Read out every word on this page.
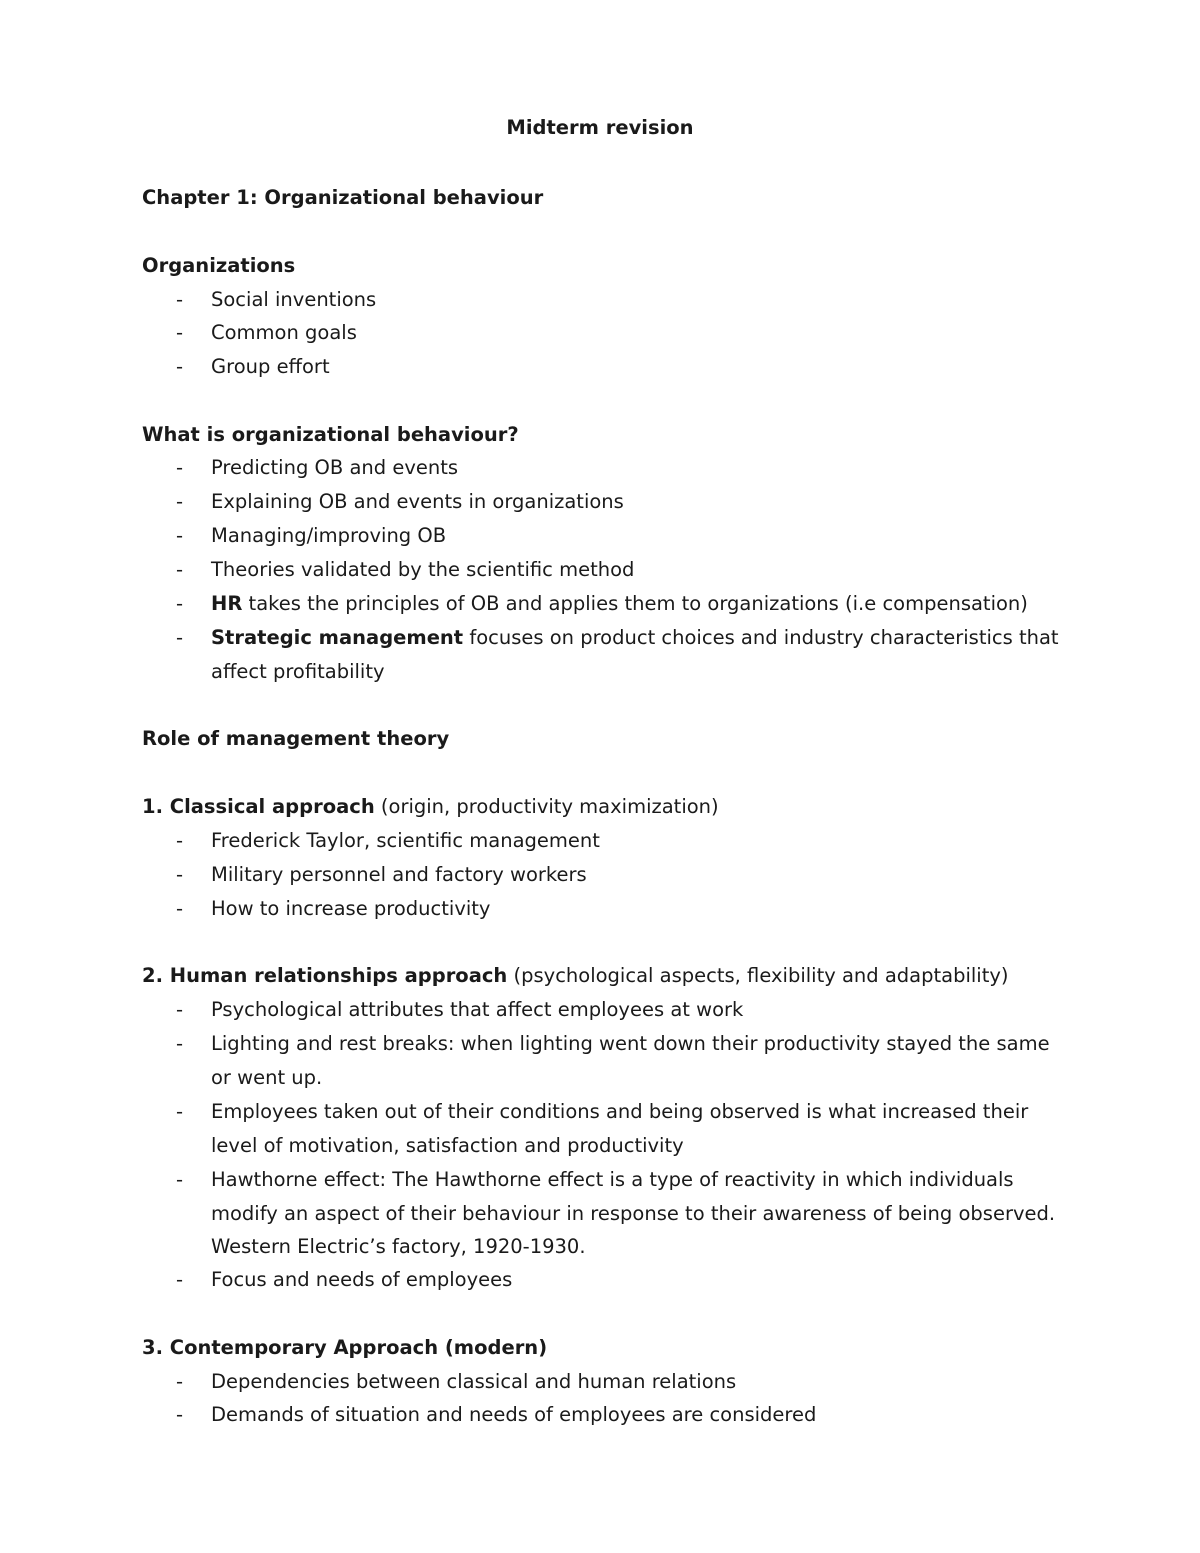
Midterm revision
Chapter 1: Organizational behaviour
Organizations
- Social inventions
- Common goals
- Group effort
What is organizational behaviour?
- Predicting OB and events
- Explaining OB and events in organizations
- Managing/improving OB
- Theories validated by the scientific method
- HR takes the principles of OB and applies them to organizations (i.e compensation)
- Strategic management focuses on product choices and industry characteristics that
affect profitability
Role of management theory
1. Classical approach (origin, productivity maximization)
- Frederick Taylor, scientific management
- Military personnel and factory workers
- How to increase productivity
2. Human relationships approach (psychological aspects, flexibility and adaptability)
- Psychological attributes that affect employees at work
- Lighting and rest breaks: when lighting went down their productivity stayed the same
or went up.
- Employees taken out of their conditions and being observed is what increased their
level of motivation, satisfaction and productivity
- Hawthorne effect: The Hawthorne effect is a type of reactivity in which individuals
modify an aspect of their behaviour in response to their awareness of being observed.
Western Electric’s factory, 1920-1930.
- Focus and needs of employees
3. Contemporary Approach (modern)
- Dependencies between classical and human relations
- Demands of situation and needs of employees are considered
